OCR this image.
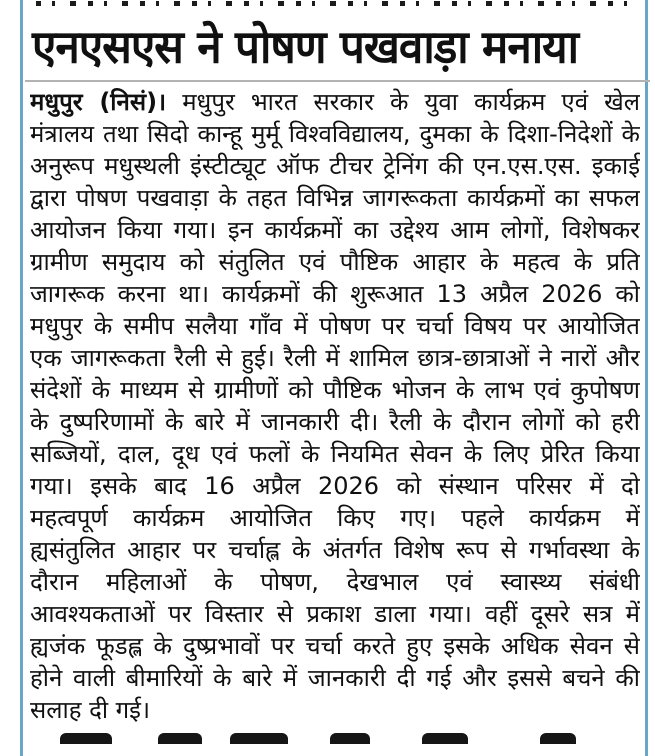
एनएसएस ने पोषण पखवाड़ा मनाया
मधुपुर (निसं)। मधुपुर भारत सरकार के युवा कार्यक्रम एवं खेल
मंत्रालय तथा सिदो कान्हू मुर्मू विश्वविद्यालय, दुमका के दिशा-निदेशों के
अनुरूप मधुस्थली इंस्टीट्यूट ऑफ टीचर ट्रेनिंग की एन.एस.एस. इकाई
द्वारा पोषण पखवाड़ा के तहत विभिन्न जागरूकता कार्यक्रमों का सफल
आयोजन किया गया। इन कार्यक्रमों का उद्देश्य आम लोगों, विशेषकर
ग्रामीण समुदाय को संतुलित एवं पौष्टिक आहार के महत्व के प्रति
जागरूक करना था। कार्यक्रमों की शुरूआत 13 अप्रैल 2026 को
मधुपुर के समीप सलैया गाँव में पोषण पर चर्चा विषय पर आयोजित
एक जागरूकता रैली से हुई। रैली में शामिल छात्र-छात्राओं ने नारों और
संदेशों के माध्यम से ग्रामीणों को पौष्टिक भोजन के लाभ एवं कुपोषण
के दुष्परिणामों के बारे में जानकारी दी। रैली के दौरान लोगों को हरी
सब्जियों, दाल, दूध एवं फलों के नियमित सेवन के लिए प्रेरित किया
गया। इसके बाद 16 अप्रैल 2026 को संस्थान परिसर में दो
महत्वपूर्ण कार्यक्रम आयोजित किए गए। पहले कार्यक्रम में
ह्यसंतुलित आहार पर चर्चाह्ल के अंतर्गत विशेष रूप से गर्भावस्था के
दौरान महिलाओं के पोषण, देखभाल एवं स्वास्थ्य संबंधी
आवश्यकताओं पर विस्तार से प्रकाश डाला गया। वहीं दूसरे सत्र में
ह्यजंक फूडह्ल के दुष्प्रभावों पर चर्चा करते हुए इसके अधिक सेवन से
होने वाली बीमारियों के बारे में जानकारी दी गई और इससे बचने की
सलाह दी गई।
